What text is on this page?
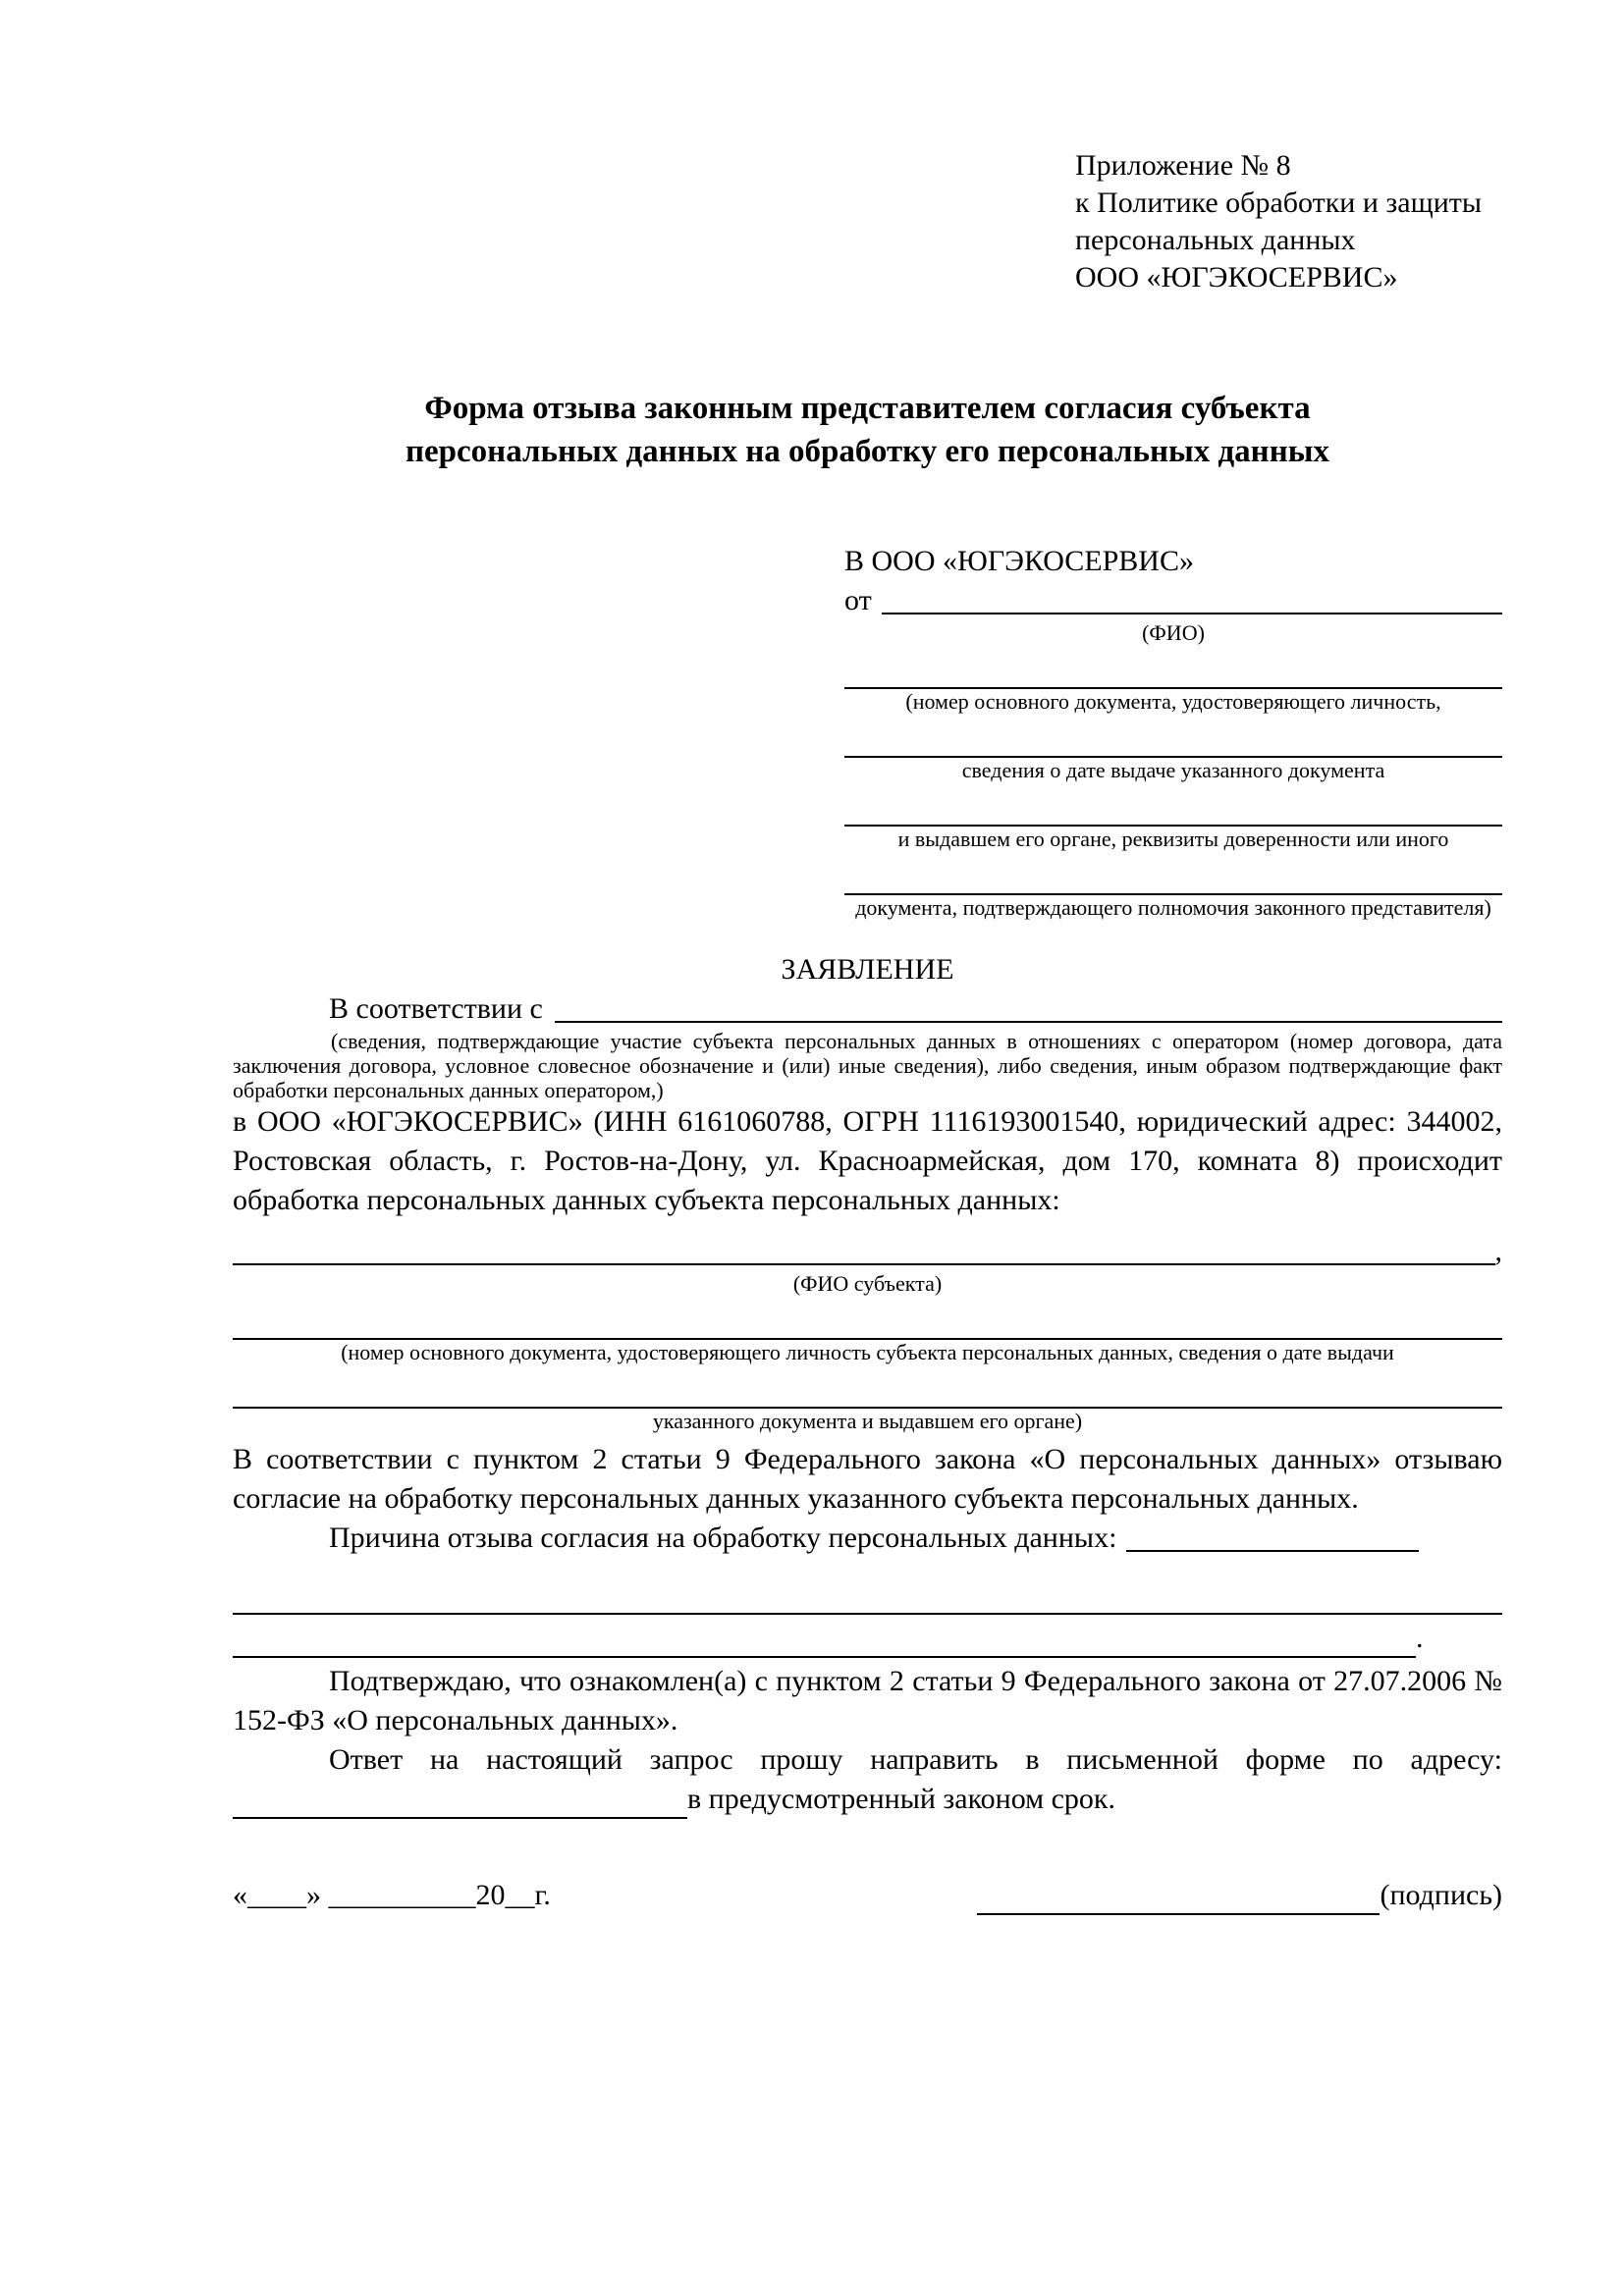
Приложение № 8
к Политике обработки и защиты
персональных данных
ООО «ЮГЭКОСЕРВИС»
Форма отзыва законным представителем согласия субъекта
персональных данных на обработку его персональных данных
В ООО «ЮГЭКОСЕРВИС»
от
(ФИО)
(номер основного документа, удостоверяющего личность,
сведения о дате выдаче указанного документа
и выдавшем его органе, реквизиты доверенности или иного
документа, подтверждающего полномочия законного представителя)
ЗАЯВЛЕНИЕ
В соответствии с
(сведения, подтверждающие участие субъекта персональных данных в отношениях с оператором (номер договора, дата заключения договора, условное словесное обозначение и (или) иные сведения), либо сведения, иным образом подтверждающие факт обработки персональных данных оператором,)
в ООО «ЮГЭКОСЕРВИС» (ИНН 6161060788, ОГРН 1116193001540, юридический адрес: 344002, Ростовская область, г. Ростов-на-Дону, ул. Красноармейская, дом 170, комната 8) происходит обработка персональных данных субъекта персональных данных:
,
(ФИО субъекта)
(номер основного документа, удостоверяющего личность субъекта персональных данных, сведения о дате выдачи
указанного документа и выдавшем его органе)
В соответствии с пунктом 2 статьи 9 Федерального закона «О персональных данных» отзываю согласие на обработку персональных данных указанного субъекта персональных данных.
Причина отзыва согласия на обработку персональных данных:
.
Подтверждаю, что ознакомлен(а) с пунктом 2 статьи 9 Федерального закона от 27.07.2006 № 152-ФЗ «О персональных данных».
Ответ на настоящий запрос прошу направить в письменной форме по адресу:
в предусмотренный законом срок.
«____» __________20__г.	(подпись)
